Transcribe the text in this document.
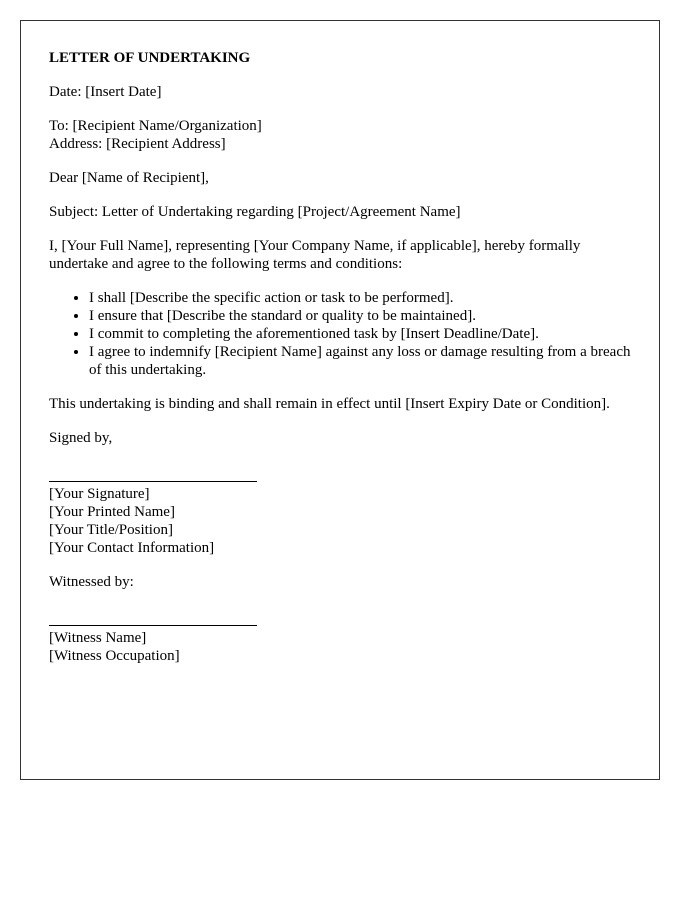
LETTER OF UNDERTAKING

Date: [Insert Date]

To: [Recipient Name/Organization]
Address: [Recipient Address]

Dear [Name of Recipient],

Subject: Letter of Undertaking regarding [Project/Agreement Name]

I, [Your Full Name], representing [Your Company Name, if applicable], hereby formally undertake and agree to the following terms and conditions:

• I shall [Describe the specific action or task to be performed].
• I ensure that [Describe the standard or quality to be maintained].
• I commit to completing the aforementioned task by [Insert Deadline/Date].
• I agree to indemnify [Recipient Name] against any loss or damage resulting from a breach of this undertaking.

This undertaking is binding and shall remain in effect until [Insert Expiry Date or Condition].

Signed by,
[Your Signature]
[Your Printed Name]
[Your Title/Position]
[Your Contact Information]
Witnessed by:
[Witness Name]
[Witness Occupation]
